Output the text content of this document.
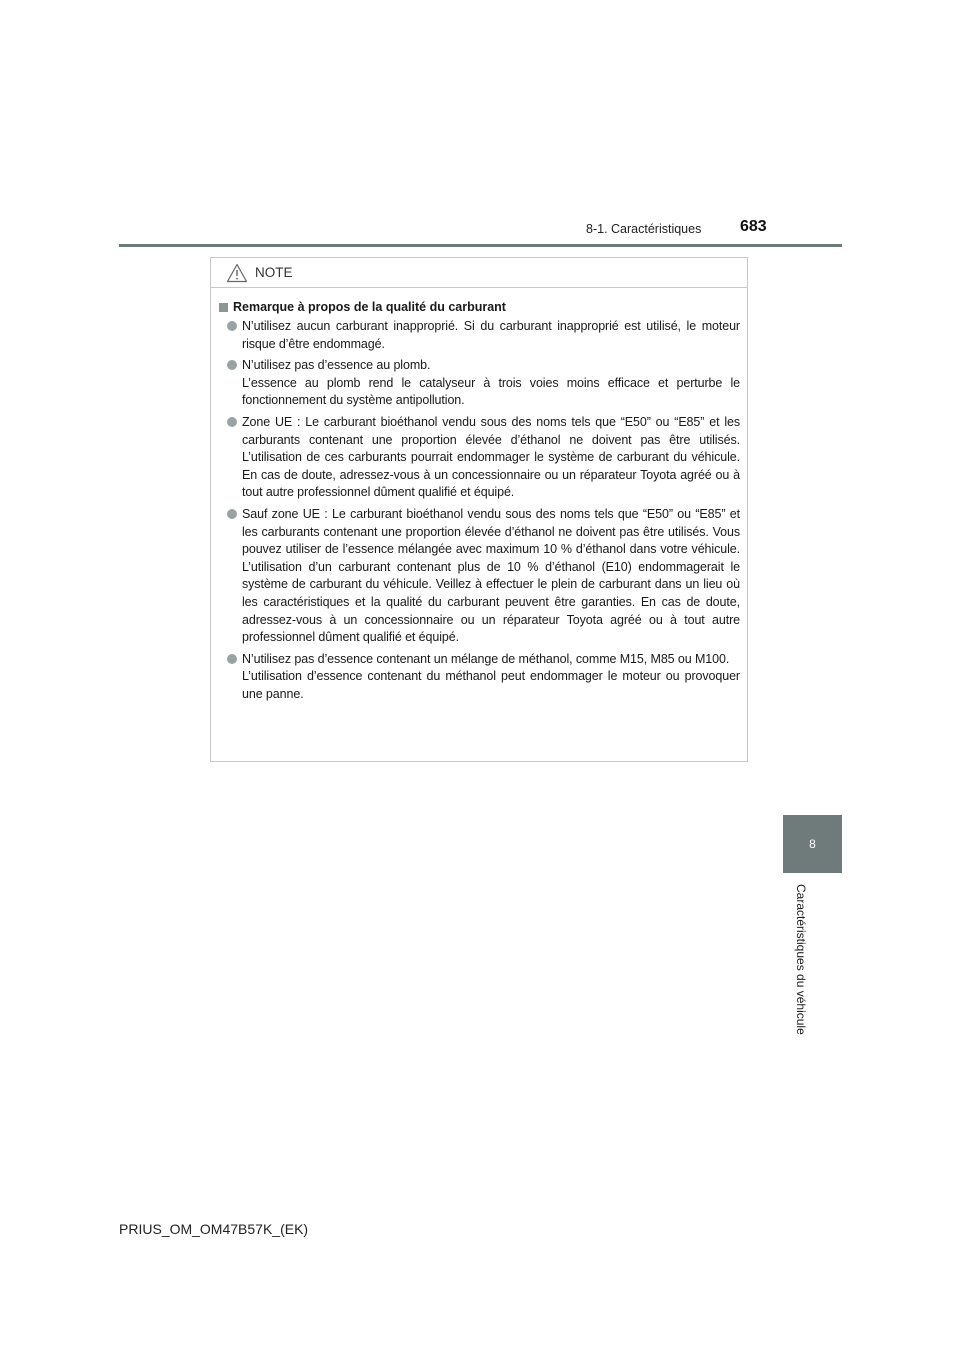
8-1. Caractéristiques 683
8
Caractéristiques du véhicule
NOTE
Remarque à propos de la qualité du carburant

N’utilisez aucun carburant inapproprié. Si du carburant inapproprié est utilisé, le moteur risque d’être endommagé.

N’utilisez pas d’essence au plomb.

L’essence au plomb rend le catalyseur à trois voies moins efficace et perturbe le fonctionnement du système antipollution.

Zone UE : Le carburant bioéthanol vendu sous des noms tels que “E50” ou “E85” et les carburants contenant une proportion élevée d’éthanol ne doivent pas être utilisés. L’utilisation de ces carburants pourrait endommager le système de carburant du véhicule. En cas de doute, adressez-vous à un concessionnaire ou un réparateur Toyota agréé ou à tout autre professionnel dûment qualifié et équipé.

Sauf zone UE : Le carburant bioéthanol vendu sous des noms tels que “E50” ou “E85” et les carburants contenant une proportion élevée d’éthanol ne doivent pas être utilisés. Vous pouvez utiliser de l’essence mélangée avec maximum 10 % d’éthanol dans votre véhicule. L’utilisation d’un carburant contenant plus de 10 % d’éthanol (E10) endommagerait le système de carburant du véhicule. Veillez à effectuer le plein de carburant dans un lieu où les caractéristiques et la qualité du carburant peuvent être garanties. En cas de doute, adressez-vous à un concessionnaire ou un réparateur Toyota agréé ou à tout autre professionnel dûment qualifié et équipé.

N’utilisez pas d’essence contenant un mélange de méthanol, comme M15, M85 ou M100.

L’utilisation d’essence contenant du méthanol peut endommager le moteur ou provoquer une panne.

PRIUS_OM_OM47B57K_(EK)
